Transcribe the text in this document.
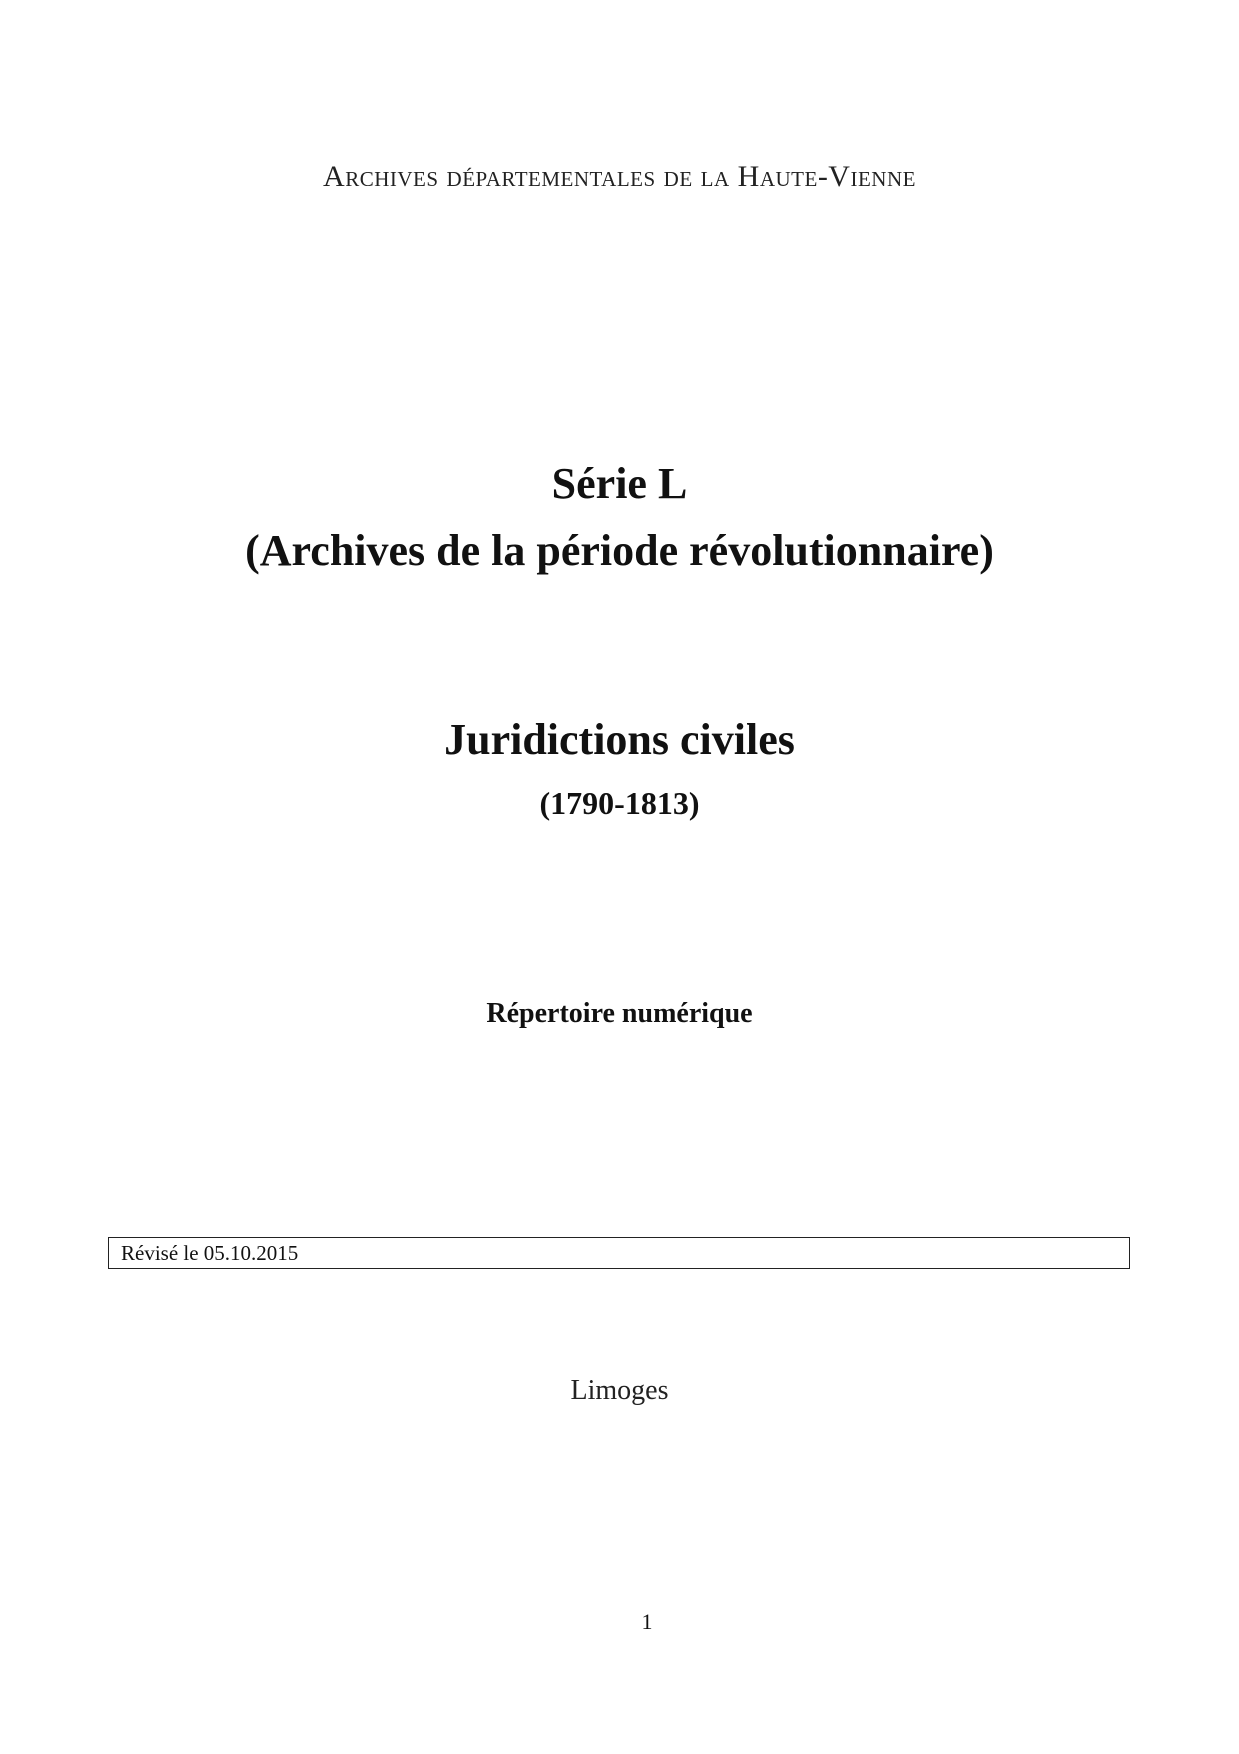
Archives départementales de la Haute-Vienne
Série L
(Archives de la période révolutionnaire)
Juridictions civiles
(1790-1813)
Répertoire numérique
Révisé le 05.10.2015
Limoges
1
